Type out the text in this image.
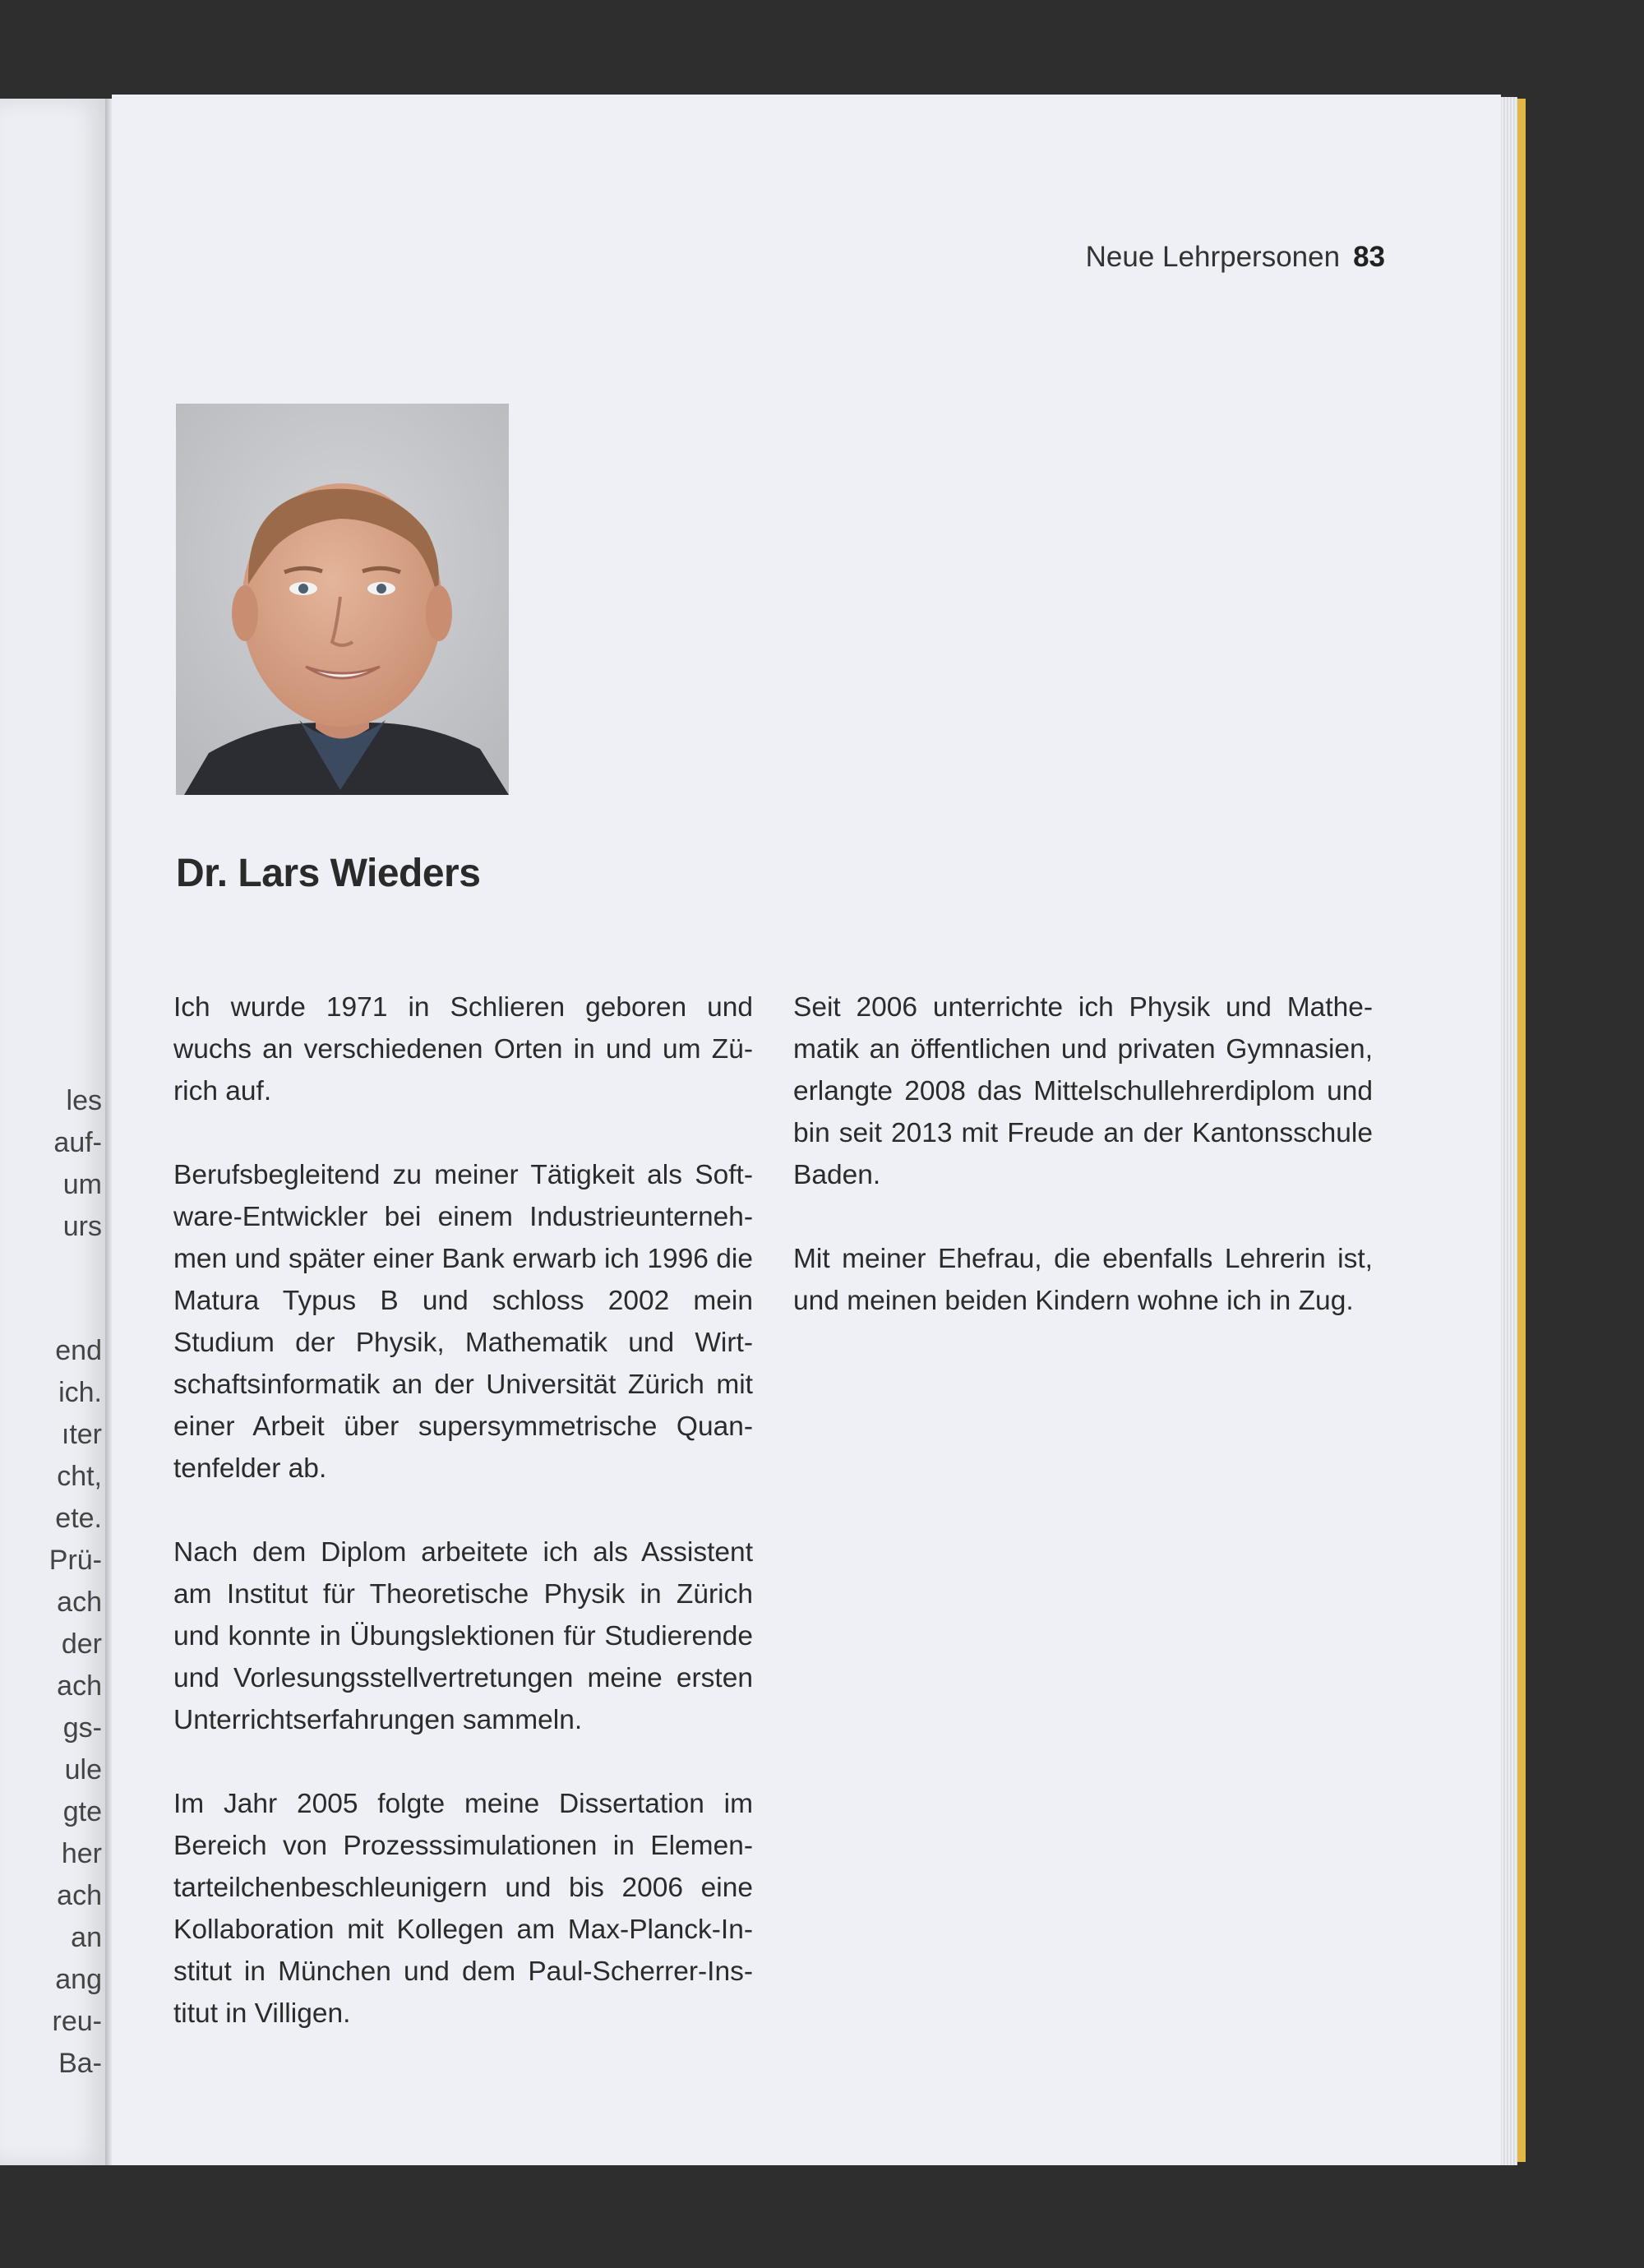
les
auf-
um
urs
end
ich.
ıter
cht,
ete.
Prü-
ach
der
ach
gs-
ule
gte
her
ach
an
ang
reu-
Ba-
Neue Lehrpersonen 83
Dr. Lars Wieders

Ich wurde 1971 in Schlieren geboren und wuchs an verschiedenen Orten in und um Zürich auf.

Berufsbegleitend zu meiner Tätigkeit als Software-Entwickler bei einem Industrieunternehmen und später einer Bank erwarb ich 1996 die Matura Typus B und schloss 2002 mein Studium der Physik, Mathematik und Wirtschaftsinformatik an der Universität Zürich mit einer Arbeit über supersymmetrische Quantenfelder ab.

Nach dem Diplom arbeitete ich als Assistent am Institut für Theoretische Physik in Zürich und konnte in Übungslektionen für Studierende und Vorlesungsstellvertretungen meine ersten Unterrichtserfahrungen sammeln.

Im Jahr 2005 folgte meine Dissertation im Bereich von Prozesssimulationen in Elementarteilchenbeschleunigern und bis 2006 eine Kollaboration mit Kollegen am Max-Planck-Institut in München und dem Paul-Scherrer-Institut in Villigen.

Seit 2006 unterrichte ich Physik und Mathematik an öffentlichen und privaten Gymnasien, erlangte 2008 das Mittelschullehrerdiplom und bin seit 2013 mit Freude an der Kantonsschule Baden.

Mit meiner Ehefrau, die ebenfalls Lehrerin ist, und meinen beiden Kindern wohne ich in Zug.
